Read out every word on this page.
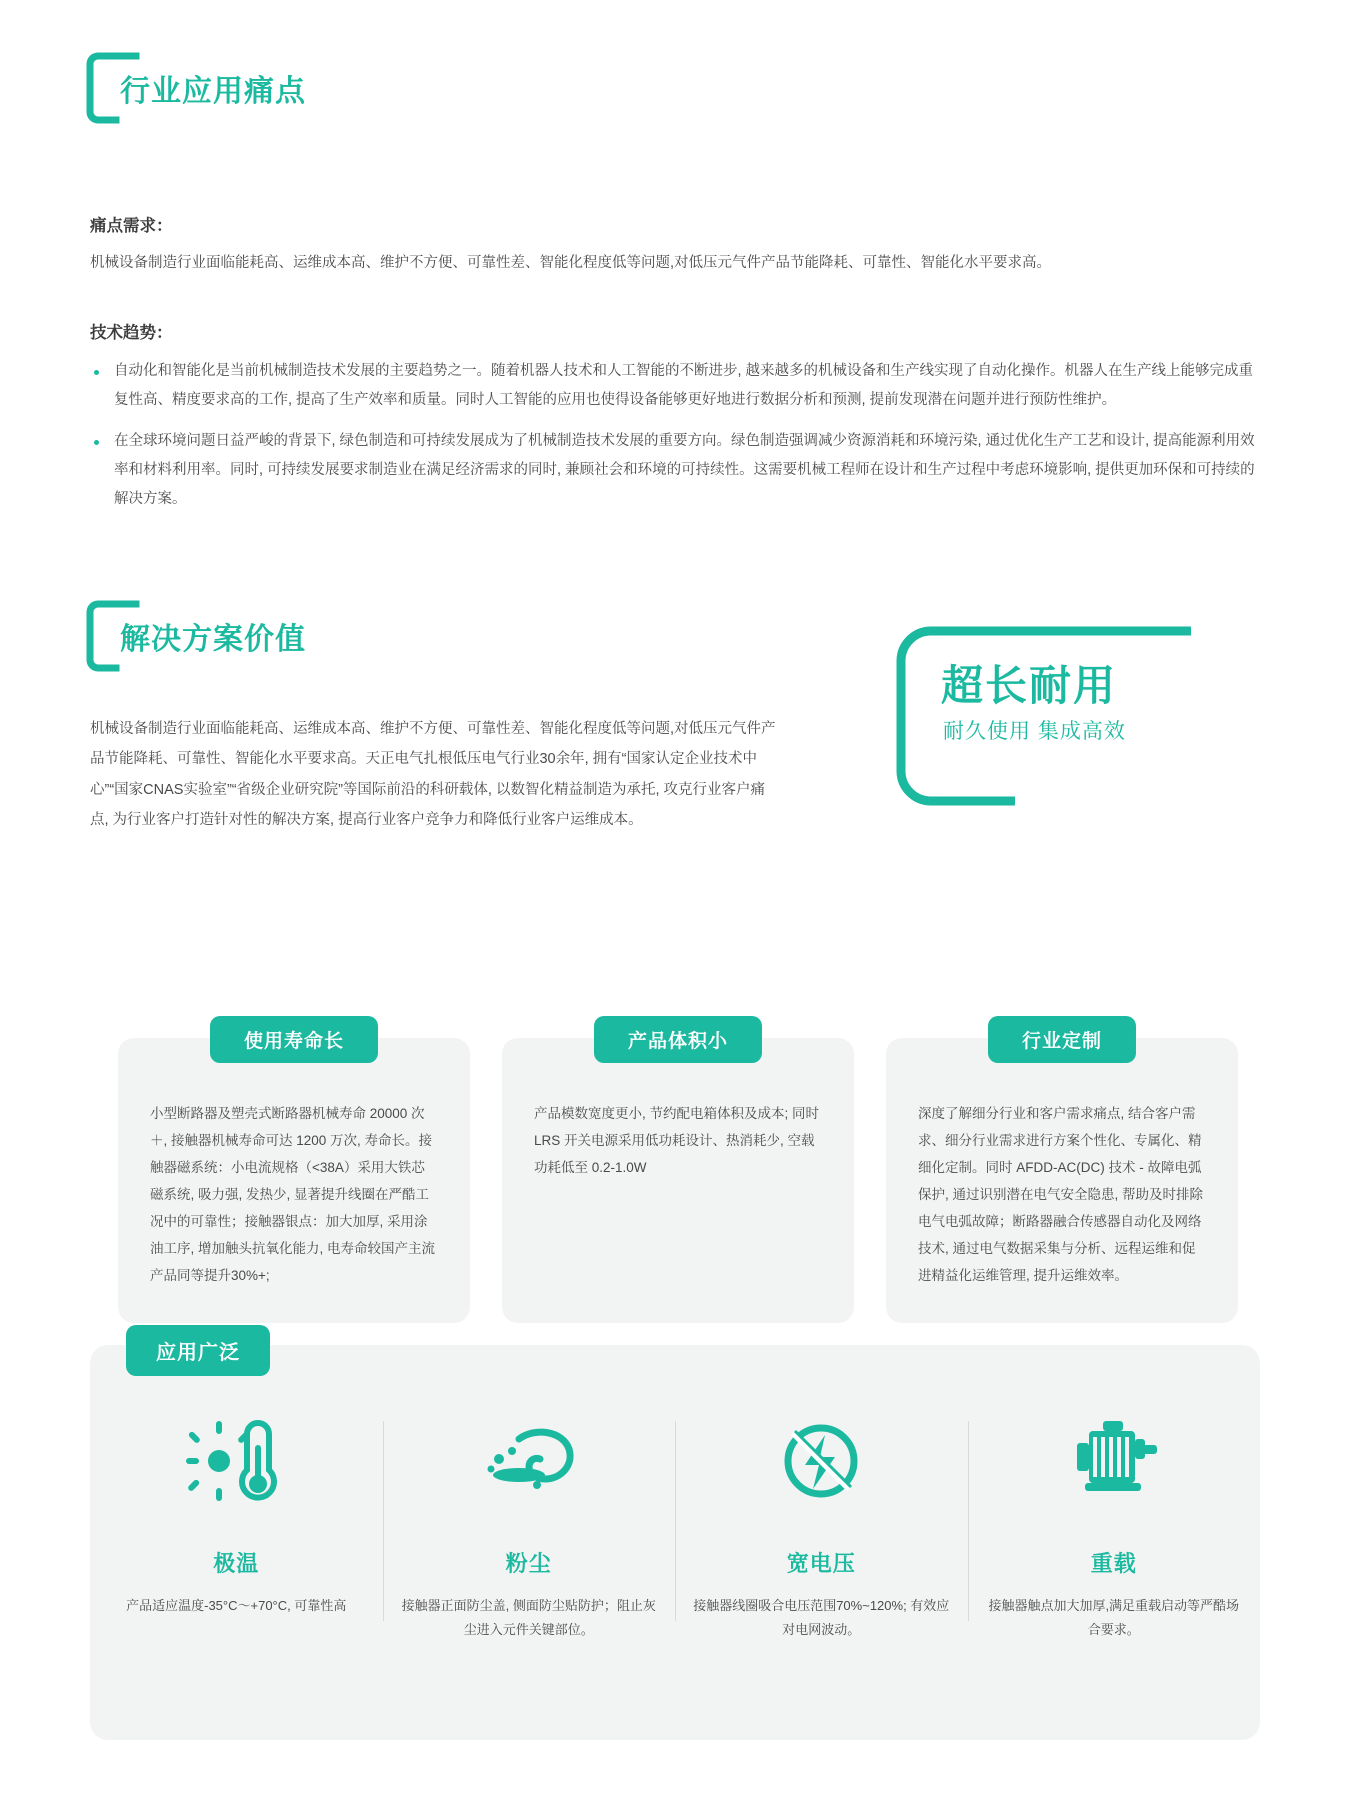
行业应用痛点
痛点需求：

机械设备制造行业面临能耗高、运维成本高、维护不方便、可靠性差、智能化程度低等问题,对低压元气件产品节能降耗、可靠性、智能化水平要求高。

技术趋势：
自动化和智能化是当前机械制造技术发展的主要趋势之一。随着机器人技术和人工智能的不断进步, 越来越多的机械设备和生产线实现了自动化操作。机器人在生产线上能够完成重复性高、精度要求高的工作, 提高了生产效率和质量。同时人工智能的应用也使得设备能够更好地进行数据分析和预测, 提前发现潜在问题并进行预防性维护。
在全球环境问题日益严峻的背景下, 绿色制造和可持续发展成为了机械制造技术发展的重要方向。绿色制造强调减少资源消耗和环境污染, 通过优化生产工艺和设计, 提高能源利用效率和材料利用率。同时, 可持续发展要求制造业在满足经济需求的同时, 兼顾社会和环境的可持续性。这需要机械工程师在设计和生产过程中考虑环境影响, 提供更加环保和可持续的解决方案。
解决方案价值
机械设备制造行业面临能耗高、运维成本高、维护不方便、可靠性差、智能化程度低等问题,对低压元气件产品节能降耗、可靠性、智能化水平要求高。天正电气扎根低压电气行业30余年, 拥有“国家认定企业技术中心”“国家CNAS实验室”“省级企业研究院”等国际前沿的科研载体, 以数智化精益制造为承托, 攻克行业客户痛点, 为行业客户打造针对性的解决方案, 提高行业客户竞争力和降低行业客户运维成本。
超长耐用
耐久使用 集成高效
使用寿命长
小型断路器及塑壳式断路器机械寿命 20000 次＋, 接触器机械寿命可达 1200 万次, 寿命长。接触器磁系统：小电流规格（<38A）采用大铁芯磁系统, 吸力强, 发热少, 显著提升线圈在严酷工况中的可靠性；接触器银点：加大加厚, 采用涂油工序, 增加触头抗氧化能力, 电寿命较国产主流产品同等提升30%+;
产品体积小
产品模数宽度更小, 节约配电箱体积及成本; 同时 LRS 开关电源采用低功耗设计、热消耗少, 空载功耗低至 0.2-1.0W
行业定制
深度了解细分行业和客户需求痛点, 结合客户需求、细分行业需求进行方案个性化、专属化、精细化定制。同时 AFDD-AC(DC) 技术 - 故障电弧保护, 通过识别潜在电气安全隐患, 帮助及时排除电气电弧故障；断路器融合传感器自动化及网络技术, 通过电气数据采集与分析、远程运维和促进精益化运维管理, 提升运维效率。
应用广泛
极温
产品适应温度-35°C～+70°C, 可靠性高
粉尘
接触器正面防尘盖, 侧面防尘贴防护；阻止灰尘进入元件关键部位。
宽电压
接触器线圈吸合电压范围70%~120%; 有效应对电网波动。
重载
接触器触点加大加厚,满足重载启动等严酷场合要求。
